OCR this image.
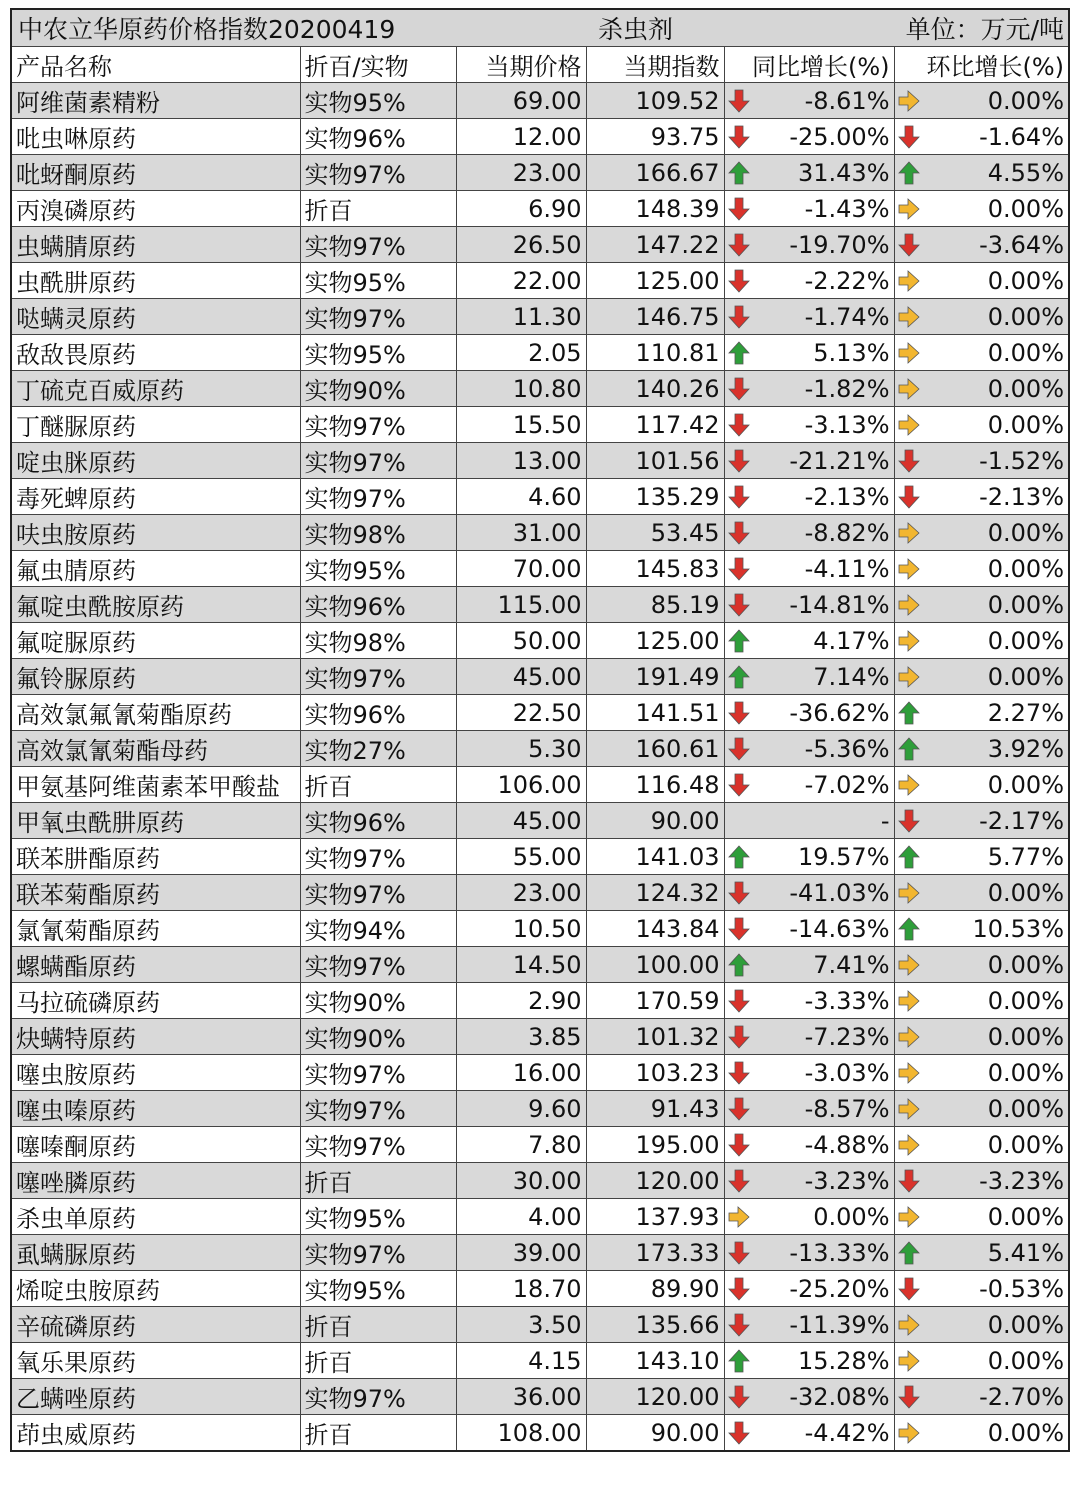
中农立华原药价格指数20200419	杀虫剂	单位：万元/吨
产品名称	折百/实物	当期价格	当期指数	同比增长(%)	环比增长(%)
阿维菌素精粉	实物95%	69.00	109.52	-8.61%	0.00%
吡虫啉原药	实物96%	12.00	93.75	-25.00%	-1.64%
吡蚜酮原药	实物97%	23.00	166.67	31.43%	4.55%
丙溴磷原药	折百	6.90	148.39	-1.43%	0.00%
虫螨腈原药	实物97%	26.50	147.22	-19.70%	-3.64%
虫酰肼原药	实物95%	22.00	125.00	-2.22%	0.00%
哒螨灵原药	实物97%	11.30	146.75	-1.74%	0.00%
敌敌畏原药	实物95%	2.05	110.81	5.13%	0.00%
丁硫克百威原药	实物90%	10.80	140.26	-1.82%	0.00%
丁醚脲原药	实物97%	15.50	117.42	-3.13%	0.00%
啶虫脒原药	实物97%	13.00	101.56	-21.21%	-1.52%
毒死蜱原药	实物97%	4.60	135.29	-2.13%	-2.13%
呋虫胺原药	实物98%	31.00	53.45	-8.82%	0.00%
氟虫腈原药	实物95%	70.00	145.83	-4.11%	0.00%
氟啶虫酰胺原药	实物96%	115.00	85.19	-14.81%	0.00%
氟啶脲原药	实物98%	50.00	125.00	4.17%	0.00%
氟铃脲原药	实物97%	45.00	191.49	7.14%	0.00%
高效氯氟氰菊酯原药	实物96%	22.50	141.51	-36.62%	2.27%
高效氯氰菊酯母药	实物27%	5.30	160.61	-5.36%	3.92%
甲氨基阿维菌素苯甲酸盐	折百	106.00	116.48	-7.02%	0.00%
甲氧虫酰肼原药	实物96%	45.00	90.00	-	-2.17%
联苯肼酯原药	实物97%	55.00	141.03	19.57%	5.77%
联苯菊酯原药	实物97%	23.00	124.32	-41.03%	0.00%
氯氰菊酯原药	实物94%	10.50	143.84	-14.63%	10.53%
螺螨酯原药	实物97%	14.50	100.00	7.41%	0.00%
马拉硫磷原药	实物90%	2.90	170.59	-3.33%	0.00%
炔螨特原药	实物90%	3.85	101.32	-7.23%	0.00%
噻虫胺原药	实物97%	16.00	103.23	-3.03%	0.00%
噻虫嗪原药	实物97%	9.60	91.43	-8.57%	0.00%
噻嗪酮原药	实物97%	7.80	195.00	-4.88%	0.00%
噻唑膦原药	折百	30.00	120.00	-3.23%	-3.23%
杀虫单原药	实物95%	4.00	137.93	0.00%	0.00%
虱螨脲原药	实物97%	39.00	173.33	-13.33%	5.41%
烯啶虫胺原药	实物95%	18.70	89.90	-25.20%	-0.53%
辛硫磷原药	折百	3.50	135.66	-11.39%	0.00%
氧乐果原药	折百	4.15	143.10	15.28%	0.00%
乙螨唑原药	实物97%	36.00	120.00	-32.08%	-2.70%
茚虫威原药	折百	108.00	90.00	-4.42%	0.00%
